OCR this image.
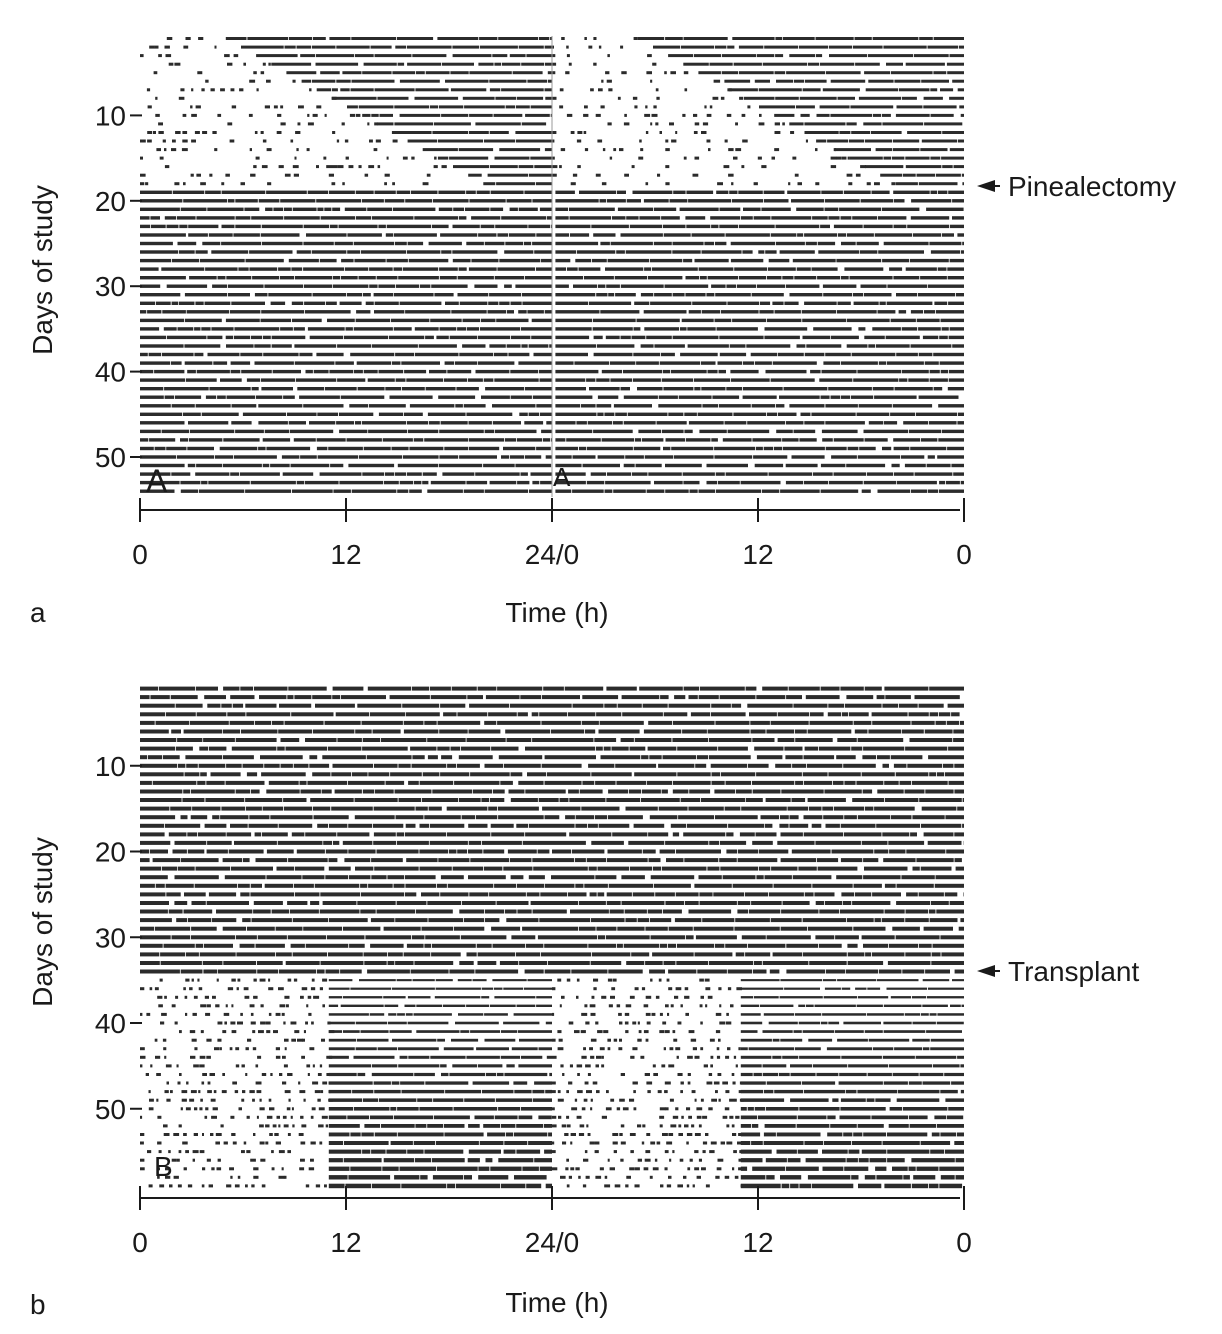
A	A
10
20
30
40
50
0	12	24/0	12	0
Days of study
Time (h)
a
Pinealectomy
B
10
20
30
40
50
0	12	24/0	12	0
Days of study
Time (h)
b
Transplant
